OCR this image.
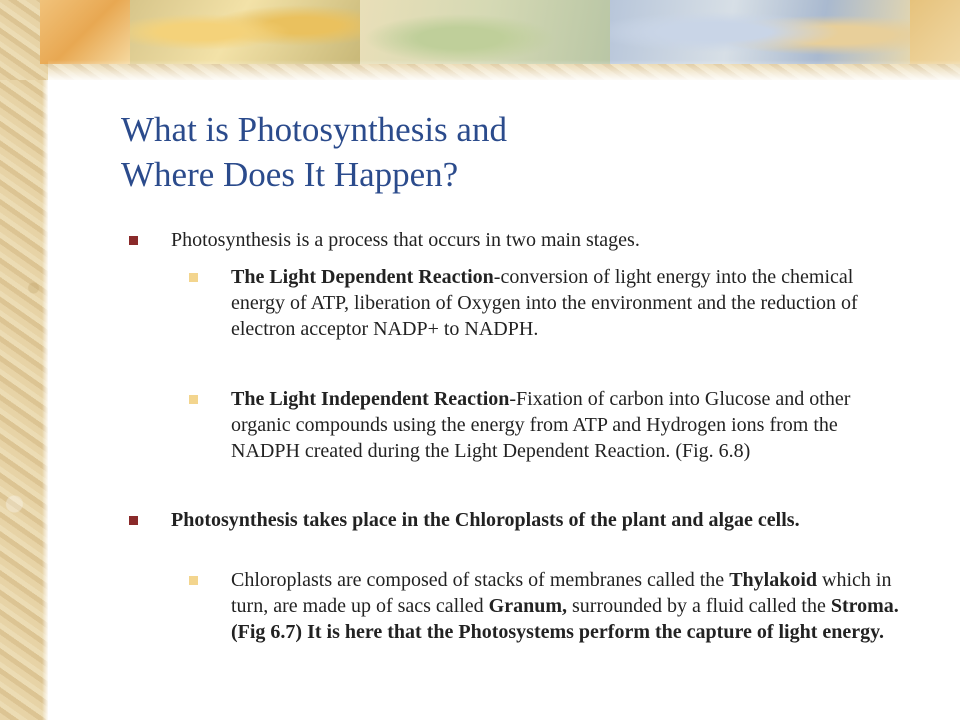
What is Photosynthesis and
Where Does It Happen?
Photosynthesis is a process that occurs in two main stages.
The Light Dependent Reaction-conversion of light energy into the chemical energy of ATP, liberation of Oxygen into the environment and the reduction of electron acceptor NADP+ to NADPH.
The Light Independent Reaction-Fixation of carbon into Glucose and other organic compounds using the energy from ATP and Hydrogen ions from the NADPH created during the Light Dependent Reaction. (Fig. 6.8)
Photosynthesis takes place in the Chloroplasts of the plant and algae cells.
Chloroplasts are composed of stacks of membranes called the Thylakoid which in turn, are made up of sacs called Granum, surrounded by a fluid called the Stroma. (Fig 6.7) It is here that the Photosystems perform the capture of light energy.
